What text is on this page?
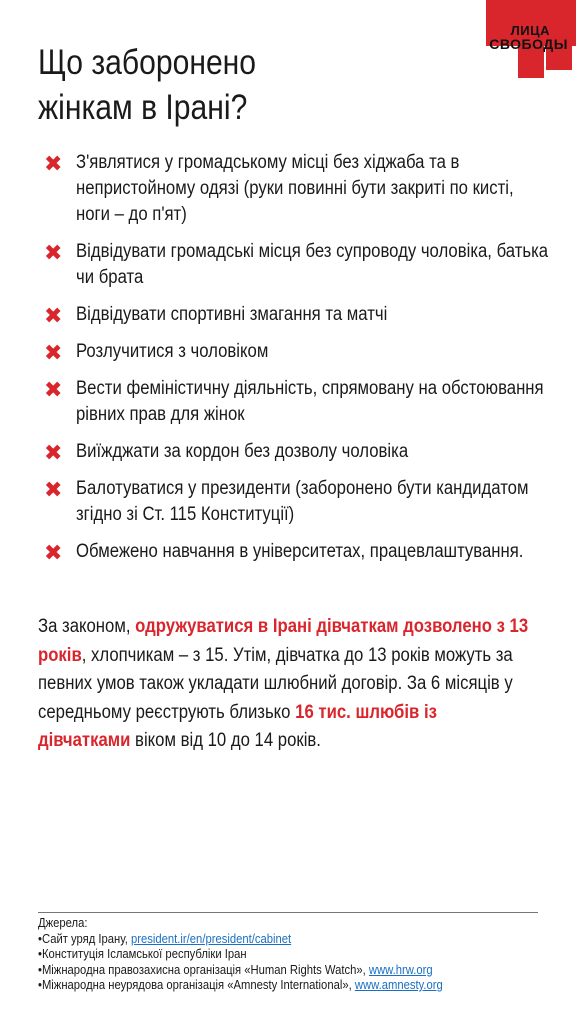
ЛИЦА
СВОБОДЫ
Що заборонено
жінкам в Ірані?
✖ З'являтися у громадському місці без хіджаба та в непристойному одязі (руки повинні бути закриті по кисті, ноги – до п'ят)
✖ Відвідувати громадські місця без супроводу чоловіка, батька чи брата
✖ Відвідувати спортивні змагання та матчі
✖ Розлучитися з чоловіком
✖ Вести феміністичну діяльність, спрямовану на обстоювання рівних прав для жінок
✖ Виїжджати за кордон без дозволу чоловіка
✖ Балотуватися у президенти (заборонено бути кандидатом згідно зі Ст. 115 Конституції)
✖ Обмежено навчання в університетах, працевлаштування.

За законом, одружуватися в Ірані дівчаткам дозволено з 13 років, хлопчикам – з 15. Утім, дівчатка до 13 років можуть за певних умов також укладати шлюбний договір. За 6 місяців у середньому реєструють близько 16 тис. шлюбів із дівчатками віком від 10 до 14 років.

Джерела:
•Сайт уряд Ірану, president.ir/en/president/cabinet
•Конституція Ісламської республіки Іран
•Міжнародна правозахисна організація «Human Rights Watch», www.hrw.org
•Міжнародна неурядова організація «Amnesty International», www.amnesty.org
